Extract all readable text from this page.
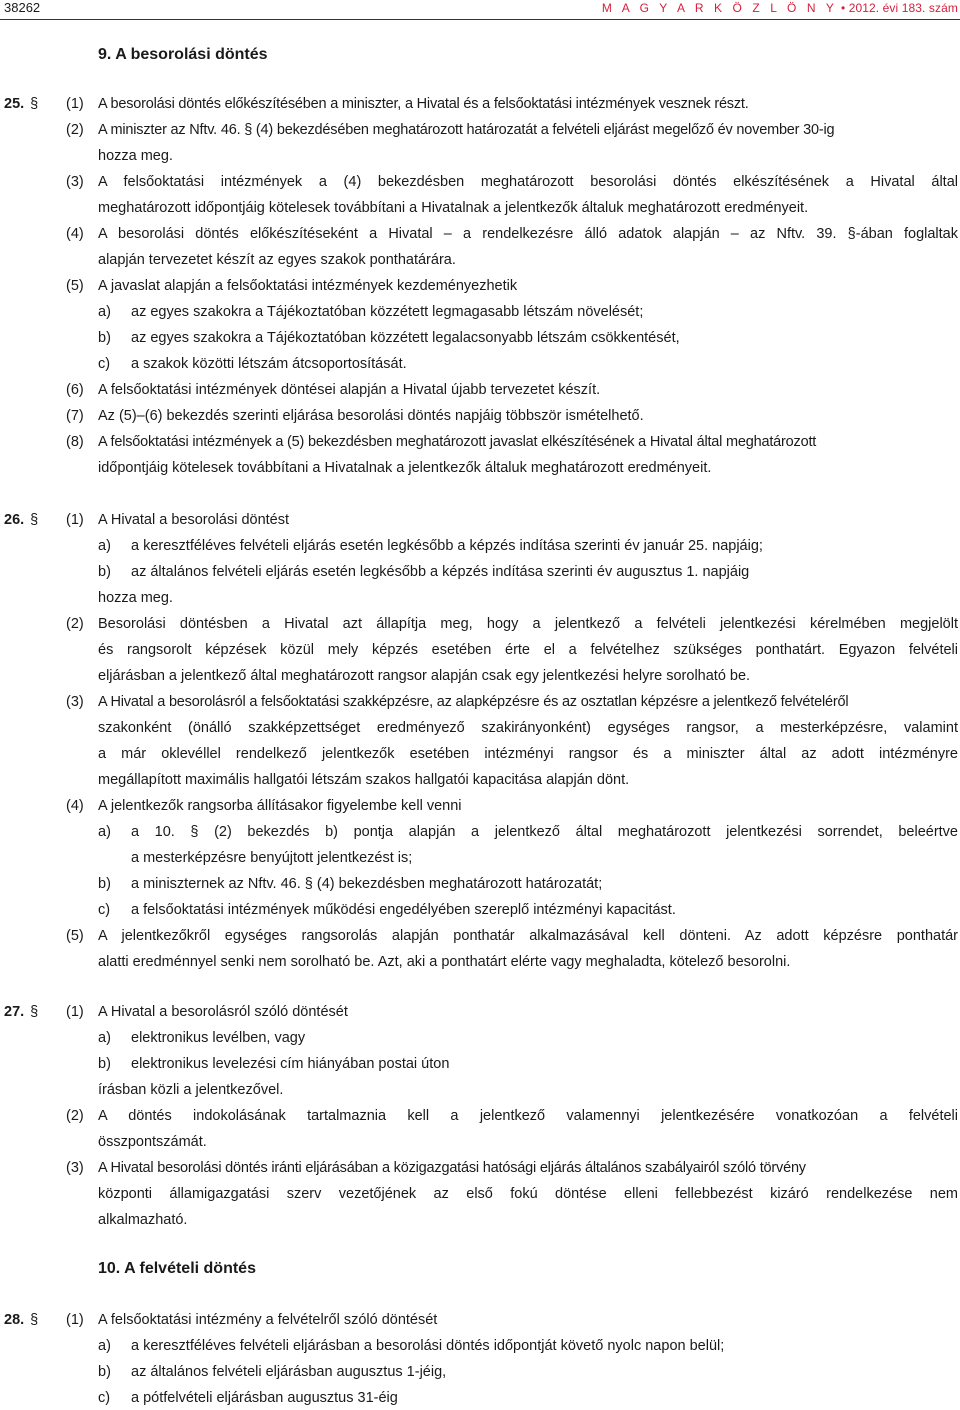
38262	M A G Y A R K Ö Z L Ö N Y • 2012. évi 183. szám
9. A besorolási döntés
25. § (1) A besorolási döntés előkészítésében a miniszter, a Hivatal és a felsőoktatási intézmények vesznek részt.
(2) A miniszter az Nftv. 46. § (4) bekezdésében meghatározott határozatát a felvételi eljárást megelőző év november 30-ig
hozza meg.
(3) A felsőoktatási intézmények a (4) bekezdésben meghatározott besorolási döntés elkészítésének a Hivatal által
meghatározott időpontjáig kötelesek továbbítani a Hivatalnak a jelentkezők általuk meghatározott eredményeit.
(4) A besorolási döntés előkészítéseként a Hivatal – a rendelkezésre álló adatok alapján – az Nftv. 39. §-ában foglaltak
alapján tervezetet készít az egyes szakok ponthatárára.
(5) A javaslat alapján a felsőoktatási intézmények kezdeményezhetik
a) az egyes szakokra a Tájékoztatóban közzétett legmagasabb létszám növelését;
b) az egyes szakokra a Tájékoztatóban közzétett legalacsonyabb létszám csökkentését,
c) a szakok közötti létszám átcsoportosítását.
(6) A felsőoktatási intézmények döntései alapján a Hivatal újabb tervezetet készít.
(7) Az (5)–(6) bekezdés szerinti eljárása besorolási döntés napjáig többször ismételhető.
(8) A felsőoktatási intézmények a (5) bekezdésben meghatározott javaslat elkészítésének a Hivatal által meghatározott
időpontjáig kötelesek továbbítani a Hivatalnak a jelentkezők általuk meghatározott eredményeit.
26. § (1) A Hivatal a besorolási döntést
a) a keresztféléves felvételi eljárás esetén legkésőbb a képzés indítása szerinti év január 25. napjáig;
b) az általános felvételi eljárás esetén legkésőbb a képzés indítása szerinti év augusztus 1. napjáig
hozza meg.
(2) Besorolási döntésben a Hivatal azt állapítja meg, hogy a jelentkező a felvételi jelentkezési kérelmében megjelölt
és rangsorolt képzések közül mely képzés esetében érte el a felvételhez szükséges ponthatárt. Egyazon felvételi
eljárásban a jelentkező által meghatározott rangsor alapján csak egy jelentkezési helyre sorolható be.
(3) A Hivatal a besorolásról a felsőoktatási szakképzésre, az alapképzésre és az osztatlan képzésre a jelentkező felvételéről
szakonként (önálló szakképzettséget eredményező szakirányonként) egységes rangsor, a mesterképzésre, valamint
a már oklevéllel rendelkező jelentkezők esetében intézményi rangsor és a miniszter által az adott intézményre
megállapított maximális hallgatói létszám szakos hallgatói kapacitása alapján dönt.
(4) A jelentkezők rangsorba állításakor figyelembe kell venni
a) a 10. § (2) bekezdés b) pontja alapján a jelentkező által meghatározott jelentkezési sorrendet, beleértve
a mesterképzésre benyújtott jelentkezést is;
b) a miniszternek az Nftv. 46. § (4) bekezdésben meghatározott határozatát;
c) a felsőoktatási intézmények működési engedélyében szereplő intézményi kapacitást.
(5) A jelentkezőkről egységes rangsorolás alapján ponthatár alkalmazásával kell dönteni. Az adott képzésre ponthatár
alatti eredménnyel senki nem sorolható be. Azt, aki a ponthatárt elérte vagy meghaladta, kötelező besorolni.
27. § (1) A Hivatal a besorolásról szóló döntését
a) elektronikus levélben, vagy
b) elektronikus levelezési cím hiányában postai úton
írásban közli a jelentkezővel.
(2) A döntés indokolásának tartalmaznia kell a jelentkező valamennyi jelentkezésére vonatkozóan a felvételi
összpontszámát.
(3) A Hivatal besorolási döntés iránti eljárásában a közigazgatási hatósági eljárás általános szabályairól szóló törvény
központi államigazgatási szerv vezetőjének az első fokú döntése elleni fellebbezést kizáró rendelkezése nem
alkalmazható.
10. A felvételi döntés
28. § (1) A felsőoktatási intézmény a felvételről szóló döntését
a) a keresztféléves felvételi eljárásban a besorolási döntés időpontját követő nyolc napon belül;
b) az általános felvételi eljárásban augusztus 1-jéig,
c) a pótfelvételi eljárásban augusztus 31-éig
